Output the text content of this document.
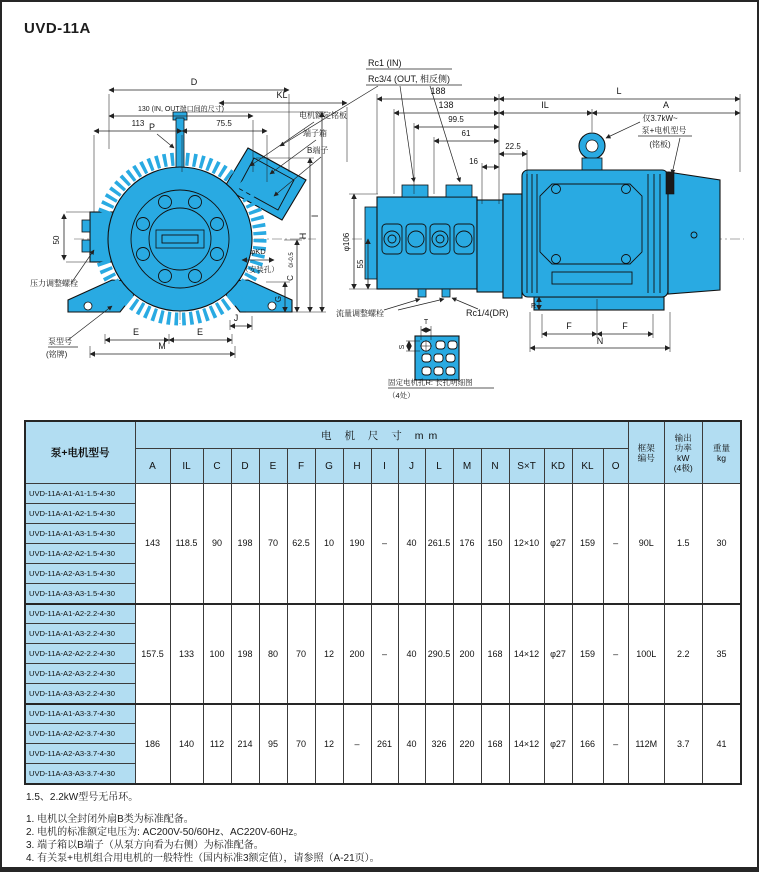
UVD-11A
D
KL
130 (IN, OUT端口间的尺寸)
113	75.5
P
50
压力调整螺栓
泵型号
(铭牌)
E	E
M
J
φKD
（安装孔）
C
0/-0.5
G
H
I
电机额定铭板
端子箱
B端子
Rc1 (IN)
Rc3/4 (OUT, 相反侧)
188	L
138	IL	A
99.5
61
22.5
16
仅3.7kW~
泵+电机型号
(铭板)
φ106
55
流量调整螺栓	Rc1/4(DR)
R
F	F
N
T
S
固定电机孔R: 长孔明细图
（4处）
泵+电机型号	电 机 尺 寸 mm																	框架
编号	输出
功率
kW
(4极)	重量
kg

	A	IL	C	D	E	F	G	H	I	J	L	M	N	S×T	KD	KL	O			
UVD-11A-A1-A1-1.5-4-30	143	118.5	90	198	70	62.5	10	190	–	40	261.5	176	150	12×10	φ27	159	–	90L	1.5	30
UVD-11A-A1-A2-1.5-4-30																				
UVD-11A-A1-A3-1.5-4-30																				
UVD-11A-A2-A2-1.5-4-30																				
UVD-11A-A2-A3-1.5-4-30																				
UVD-11A-A3-A3-1.5-4-30																				
UVD-11A-A1-A2-2.2-4-30	157.5	133	100	198	80	70	12	200	–	40	290.5	200	168	14×12	φ27	159	–	100L	2.2	35
UVD-11A-A1-A3-2.2-4-30																				
UVD-11A-A2-A2-2.2-4-30																				
UVD-11A-A2-A3-2.2-4-30																				
UVD-11A-A3-A3-2.2-4-30																				
UVD-11A-A1-A3-3.7-4-30	186	140	112	214	95	70	12	–	261	40	326	220	168	14×12	φ27	166	–	112M	3.7	41
UVD-11A-A2-A2-3.7-4-30																				
UVD-11A-A2-A3-3.7-4-30																				
UVD-11A-A3-A3-3.7-4-30																				
1.5、2.2kW型号无吊环。
1. 电机以全封闭外扇B类为标准配备。
2. 电机的标准额定电压为: AC200V-50/60Hz、AC220V-60Hz。
3. 端子箱以B端子（从泵方向看为右侧）为标准配备。
4. 有关泵+电机组合用电机的一般特性（国内标准3额定值），请参照（A-21页）。
